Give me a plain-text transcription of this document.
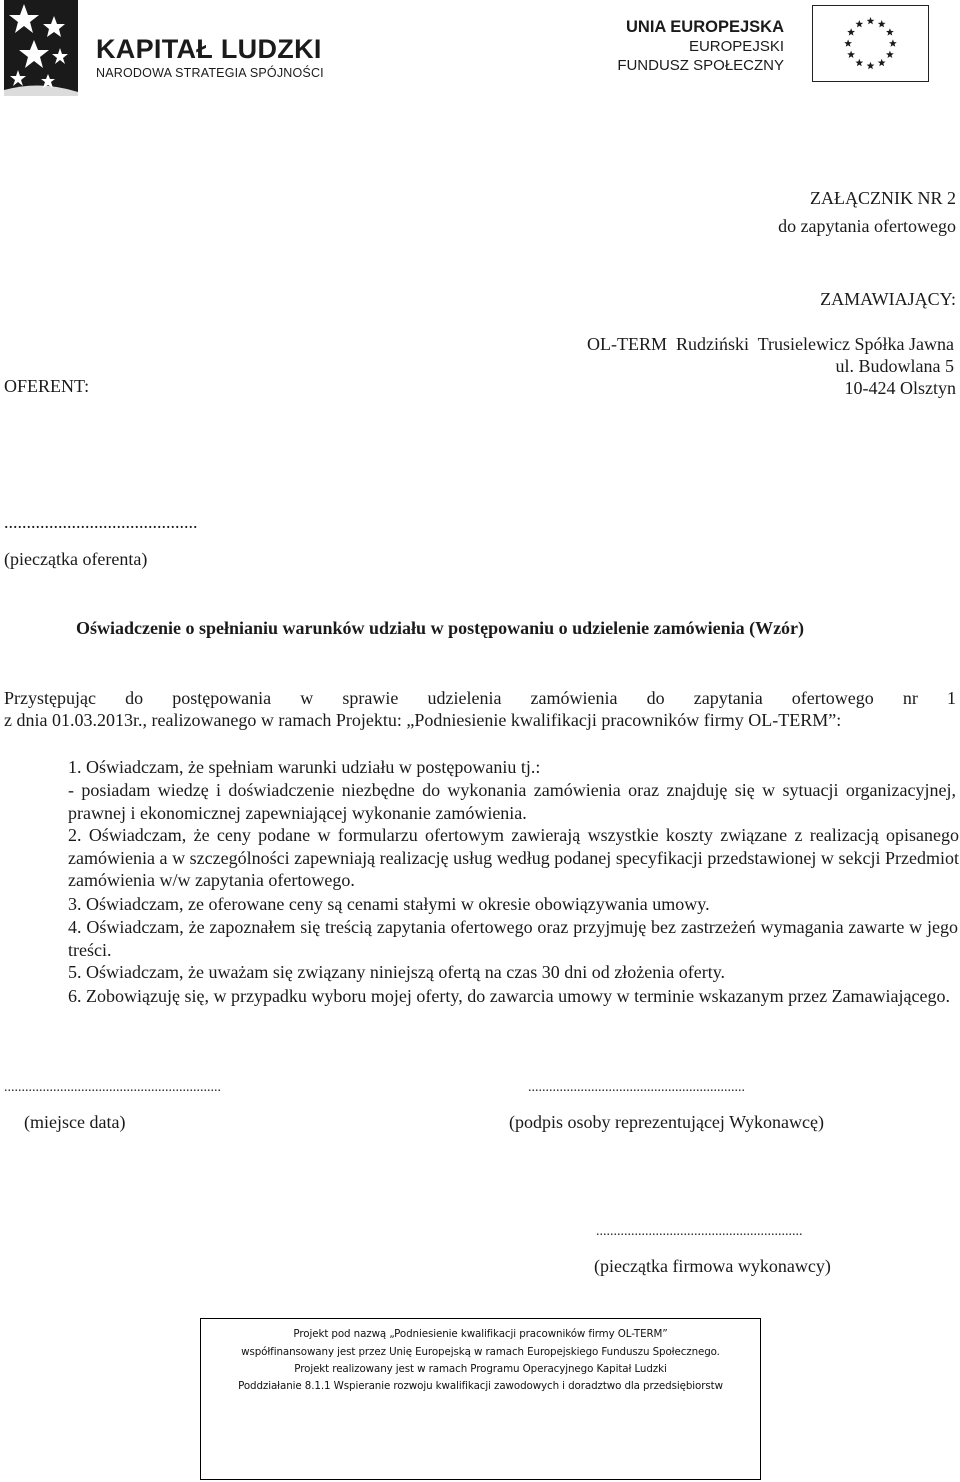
KAPITAŁ LUDZKI
NARODOWA STRATEGIA SPÓJNOŚCI
UNIA EUROPEJSKA
EUROPEJSKI
FUNDUSZ SPOŁECZNY
ZAŁĄCZNIK NR 2
do zapytania ofertowego
ZAMAWIAJĄCY:
OL-TERM  Rudziński  Trusielewicz Spółka Jawna
ul. Budowlana 5
10-424 Olsztyn
OFERENT:
...........................................
(pieczątka oferenta)
Oświadczenie o spełnianiu warunków udziału w postępowaniu o udzielenie zamówienia (Wzór)
Przystępując do postępowania w sprawie udzielenia zamówienia do zapytania ofertowego nr 1
z dnia 01.03.2013r., realizowanego w ramach Projektu: „Podniesienie kwalifikacji pracowników firmy OL-TERM”:
1. Oświadczam, że spełniam warunki udziału w postępowaniu tj.:
- posiadam wiedzę i doświadczenie niezbędne do wykonania zamówienia oraz znajduję się w sytuacji organizacyjnej, prawnej i ekonomicznej zapewniającej wykonanie zamówienia.
2. Oświadczam, że ceny podane w formularzu ofertowym zawierają wszystkie koszty związane z realizacją opisanego zamówienia a w szczególności zapewniają realizację usług według podanej specyfikacji przedstawionej w sekcji Przedmiot zamówienia w/w zapytania ofertowego.
3. Oświadczam, ze oferowane ceny są cenami stałymi w okresie obowiązywania umowy.
4. Oświadczam, że zapoznałem się treścią zapytania ofertowego oraz przyjmuję bez zastrzeżeń wymagania zawarte w jego treści.
5. Oświadczam, że uważam się związany niniejszą ofertą na czas 30 dni od złożenia oferty.
6. Zobowiązuję się, w przypadku wyboru mojej oferty, do zawarcia umowy w terminie wskazanym przez Zamawiającego.
..............................................................
(miejsce data)
..............................................................
(podpis osoby reprezentującej Wykonawcę)
...........................................................
(pieczątka firmowa wykonawcy)
Projekt pod nazwą „Podniesienie kwalifikacji pracowników firmy OL-TERM”
współfinansowany jest przez Unię Europejską w ramach Europejskiego Funduszu Społecznego.
Projekt realizowany jest w ramach Programu Operacyjnego Kapitał Ludzki
Poddziałanie 8.1.1 Wspieranie rozwoju kwalifikacji zawodowych i doradztwo dla przedsiębiorstw
